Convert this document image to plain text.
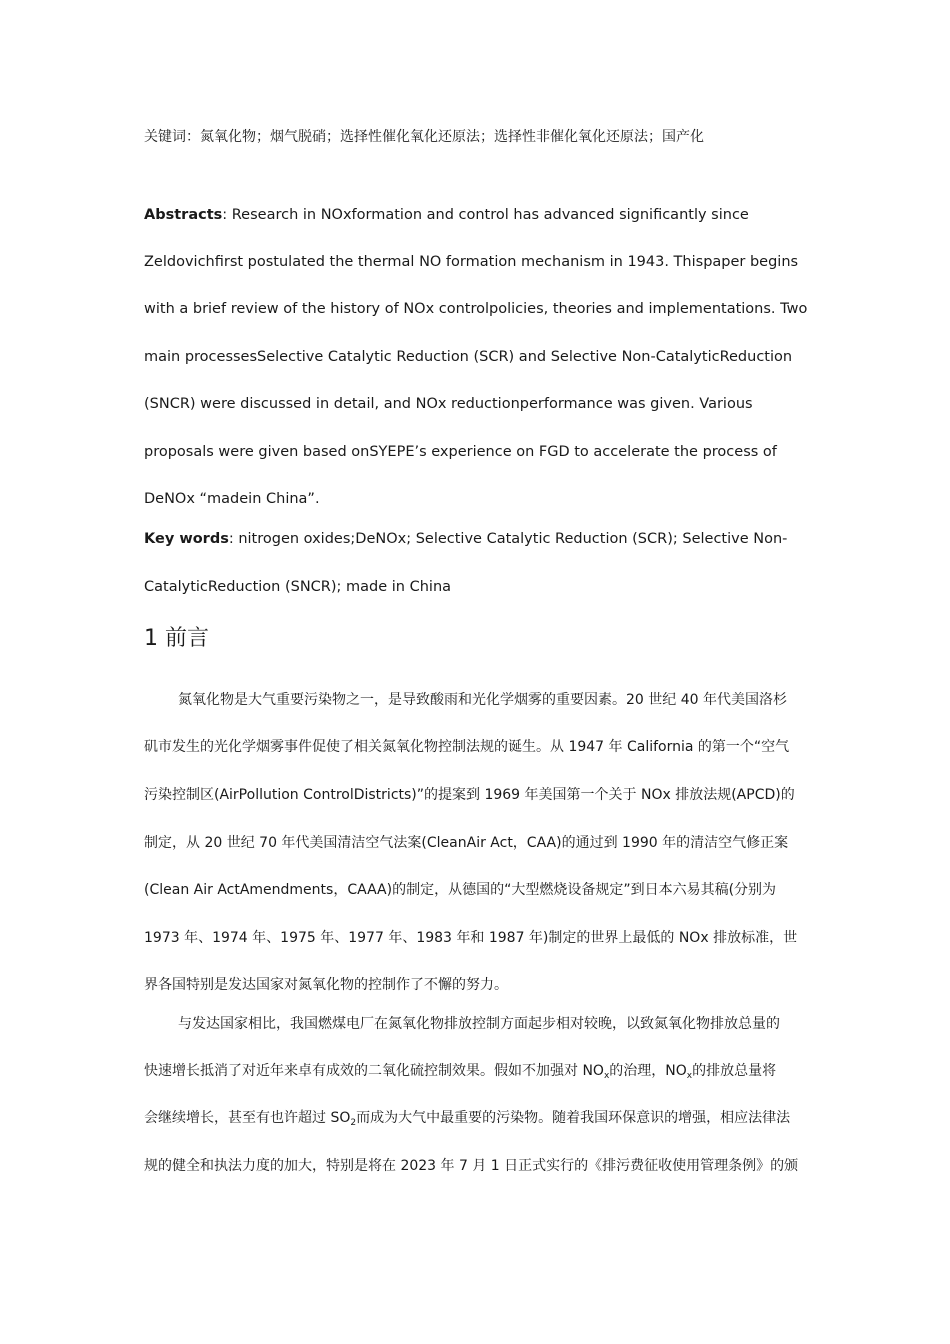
关键词：氮氧化物；烟气脱硝；选择性催化氧化还原法；选择性非催化氧化还原法；国产化

Abstracts: Research in NOxformation and control has advanced significantly since

Zeldovichfirst postulated the thermal NO formation mechanism in 1943. Thispaper begins

with a brief review of the history of NOx controlpolicies, theories and implementations. Two

main processesSelective Catalytic Reduction (SCR) and Selective Non-CatalyticReduction

(SNCR) were discussed in detail, and NOx reductionperformance was given. Various

proposals were given based onSYEPE’s experience on FGD to accelerate the process of

DeNOx “madein China”.

Key words: nitrogen oxides;DeNOx; Selective Catalytic Reduction (SCR); Selective Non-

CatalyticReduction (SNCR); made in China

1 前言

氮氧化物是大气重要污染物之一，是导致酸雨和光化学烟雾的重要因素。20 世纪 40 年代美国洛杉

矶市发生的光化学烟雾事件促使了相关氮氧化物控制法规的诞生。从 1947 年 California 的第一个“空气

污染控制区(AirPollution ControlDistricts)”的提案到 1969 年美国第一个关于 NOx 排放法规(APCD)的

制定，从 20 世纪 70 年代美国清洁空气法案(CleanAir Act，CAA)的通过到 1990 年的清洁空气修正案

(Clean Air ActAmendments，CAAA)的制定，从德国的“大型燃烧设备规定”到日本六易其稿(分别为

1973 年、1974 年、1975 年、1977 年、1983 年和 1987 年)制定的世界上最低的 NOx 排放标准，世

界各国特别是发达国家对氮氧化物的控制作了不懈的努力。

与发达国家相比，我国燃煤电厂在氮氧化物排放控制方面起步相对较晚，以致氮氧化物排放总量的

快速增长抵消了对近年来卓有成效的二氧化硫控制效果。假如不加强对 $NO_x$的治理，$NO_x$的排放总量将

会继续增长，甚至有也许超过 $SO_2$而成为大气中最重要的污染物。随着我国环保意识的增强，相应法律法

规的健全和执法力度的加大，特别是将在 2023 年 7 月 1 日正式实行的《排污费征收使用管理条例》的颁
